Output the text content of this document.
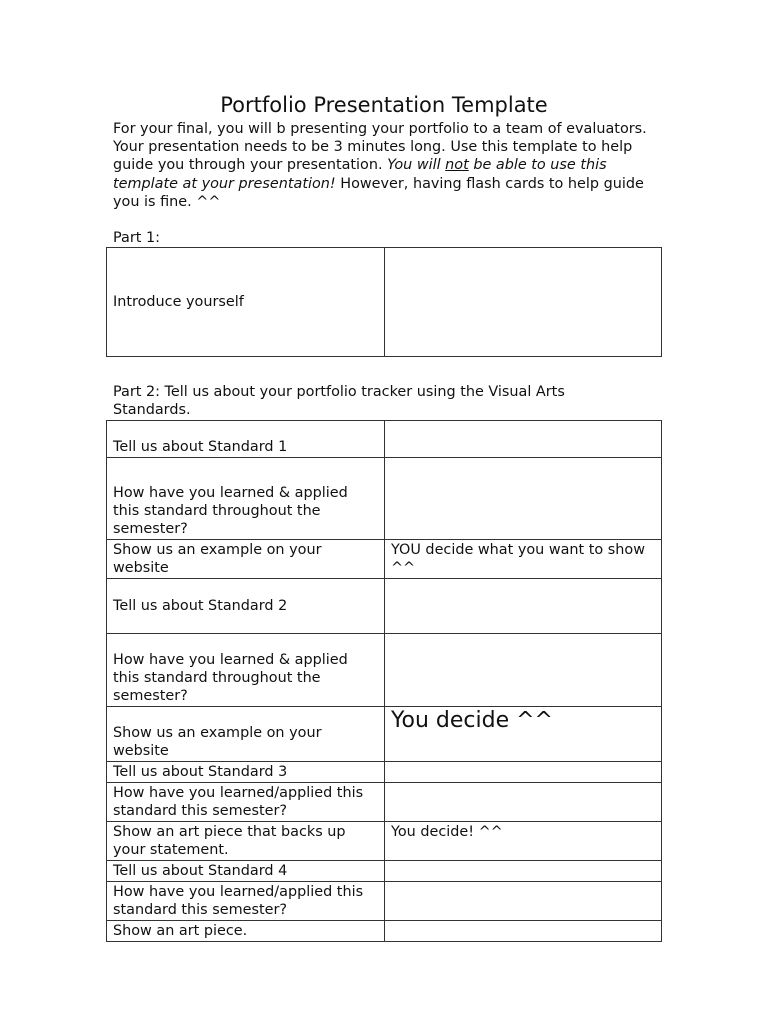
Portfolio Presentation Template
For your final, you will b presenting your portfolio to a team of evaluators. Your presentation needs to be 3 minutes long. Use this template to help guide you through your presentation. You will not be able to use this template at your presentation! However, having flash cards to help guide you is fine. ^^
Part 1:
Introduce yourself	
Part 2: Tell us about your portfolio tracker using the Visual Arts Standards.
Tell us about Standard 1	
How have you learned & applied this standard throughout the semester?	
Show us an example on your website	YOU decide what you want to show ^^
Tell us about Standard 2	
How have you learned & applied this standard throughout the semester?	
Show us an example on your website	You decide ^^
Tell us about Standard 3	
How have you learned/applied this standard this semester?	
Show an art piece that backs up your statement.	You decide! ^^
Tell us about Standard 4	
How have you learned/applied this standard this semester?	
Show an art piece.	
